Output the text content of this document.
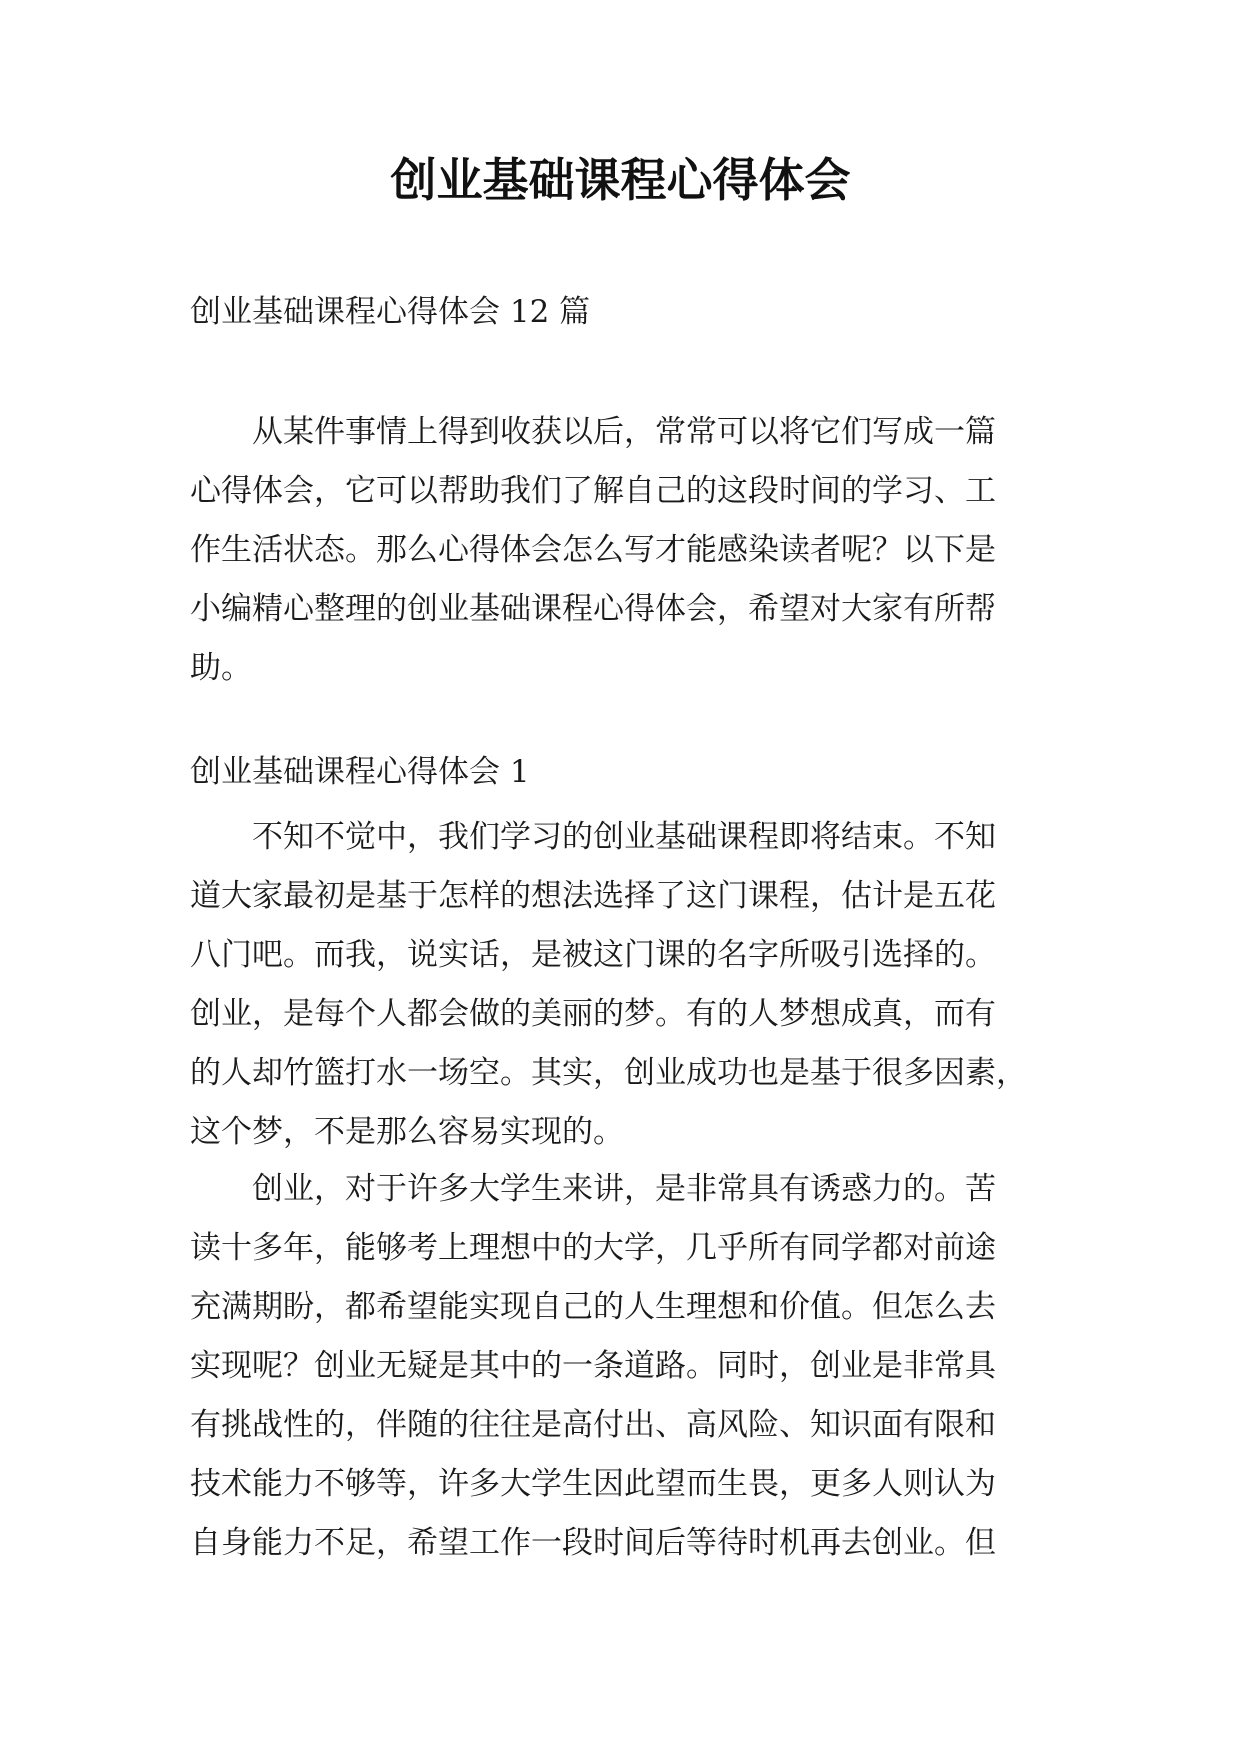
创业基础课程心得体会

创业基础课程心得体会 12 篇

　　从某件事情上得到收获以后，常常可以将它们写成一篇
心得体会，它可以帮助我们了解自己的这段时间的学习、工
作生活状态。那么心得体会怎么写才能感染读者呢？以下是
小编精心整理的创业基础课程心得体会，希望对大家有所帮
助。

创业基础课程心得体会 1

　　不知不觉中，我们学习的创业基础课程即将结束。不知
道大家最初是基于怎样的想法选择了这门课程，估计是五花
八门吧。而我，说实话，是被这门课的名字所吸引选择的。
创业，是每个人都会做的美丽的梦。有的人梦想成真，而有
的人却竹篮打水一场空。其实，创业成功也是基于很多因素，
这个梦，不是那么容易实现的。
　　创业，对于许多大学生来讲，是非常具有诱惑力的。苦
读十多年，能够考上理想中的大学，几乎所有同学都对前途
充满期盼，都希望能实现自己的人生理想和价值。但怎么去
实现呢？创业无疑是其中的一条道路。同时，创业是非常具
有挑战性的，伴随的往往是高付出、高风险、知识面有限和
技术能力不够等，许多大学生因此望而生畏，更多人则认为
自身能力不足，希望工作一段时间后等待时机再去创业。但
